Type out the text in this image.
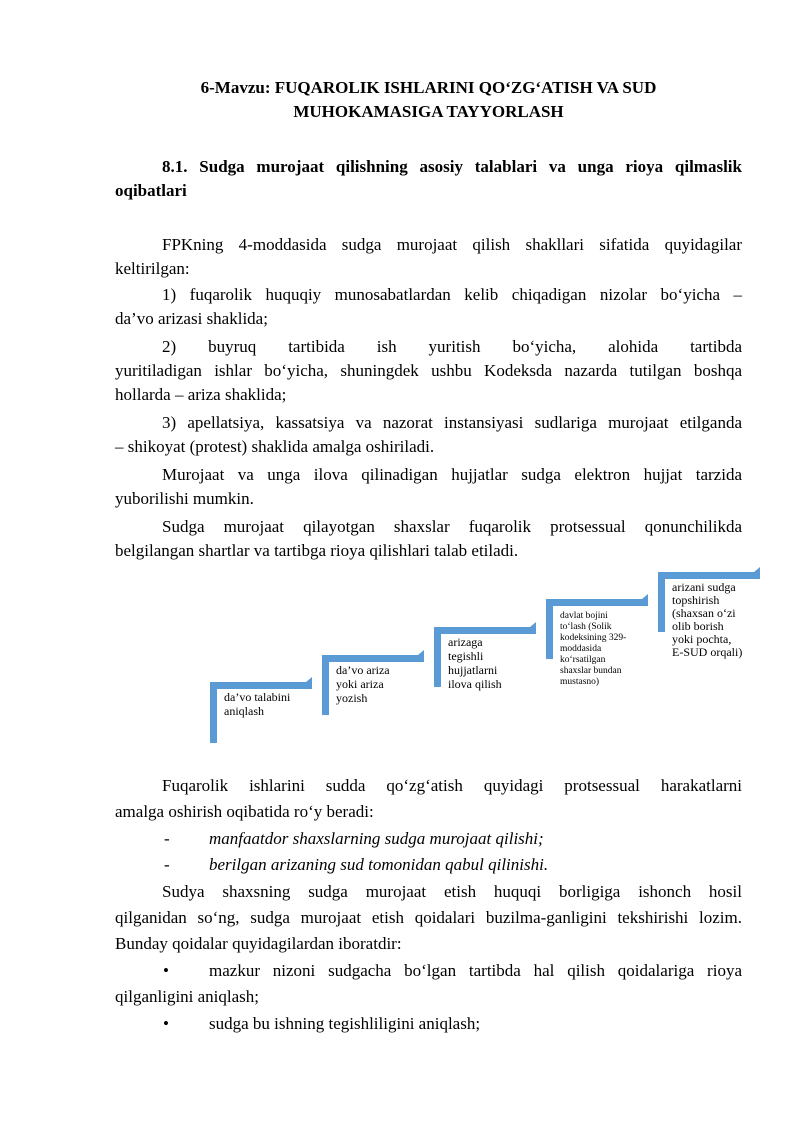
6-Mavzu: FUQAROLIK ISHLARINI QO‘ZG‘ATISH VA SUD
MUHOKAMASIGA TAYYORLASH
8.1. Sudga murojaat qilishning asosiy talablari va unga rioya qilmaslik
oqibatlari
FPKning 4-moddasida sudga murojaat qilish shakllari sifatida quyidagilar
keltirilgan:
1) fuqarolik huquqiy munosabatlardan kelib chiqadigan nizolar bo‘yicha –
da’vo arizasi shaklida;
2) buyruq tartibida ish yuritish bo‘yicha, alohida tartibda
yuritiladigan ishlar bo‘yicha, shuningdek ushbu Kodeksda nazarda tutilgan boshqa
hollarda – ariza shaklida;
3) apellatsiya, kassatsiya va nazorat instansiyasi sudlariga murojaat etilganda
– shikoyat (protest) shaklida amalga oshiriladi.
Murojaat va unga ilova qilinadigan hujjatlar sudga elektron hujjat tarzida
yuborilishi mumkin.
Sudga murojaat qilayotgan shaxslar fuqarolik protsessual qonunchilikda
belgilangan shartlar va tartibga rioya qilishlari talab etiladi.
da’vo talabini aniqlash
da’vo ariza yoki ariza yozish
arizaga tegishli hujjatlarni ilova qilish
davlat bojini to‘lash (Solik kodeksining 329-moddasida ko‘rsatilgan shaxslar bundan mustasno)
arizani sudga topshirish (shaxsan o‘zi olib borish yoki pochta, E-SUD orqali)
Fuqarolik ishlarini sudda qo‘zg‘atish quyidagi protsessual harakatlarni
amalga oshirish oqibatida ro‘y beradi:
- manfaatdor shaxslarning sudga murojaat qilishi;
- berilgan arizaning sud tomonidan qabul qilinishi.
Sudya shaxsning sudga murojaat etish huquqi borligiga ishonch hosil
qilganidan so‘ng, sudga murojaat etish qoidalari buzilma-ganligini tekshirishi lozim.
Bunday qoidalar quyidagilardan iboratdir:
• mazkur nizoni sudgacha bo‘lgan tartibda hal qilish qoidalariga rioya
qilganligini aniqlash;
• sudga bu ishning tegishliligini aniqlash;
